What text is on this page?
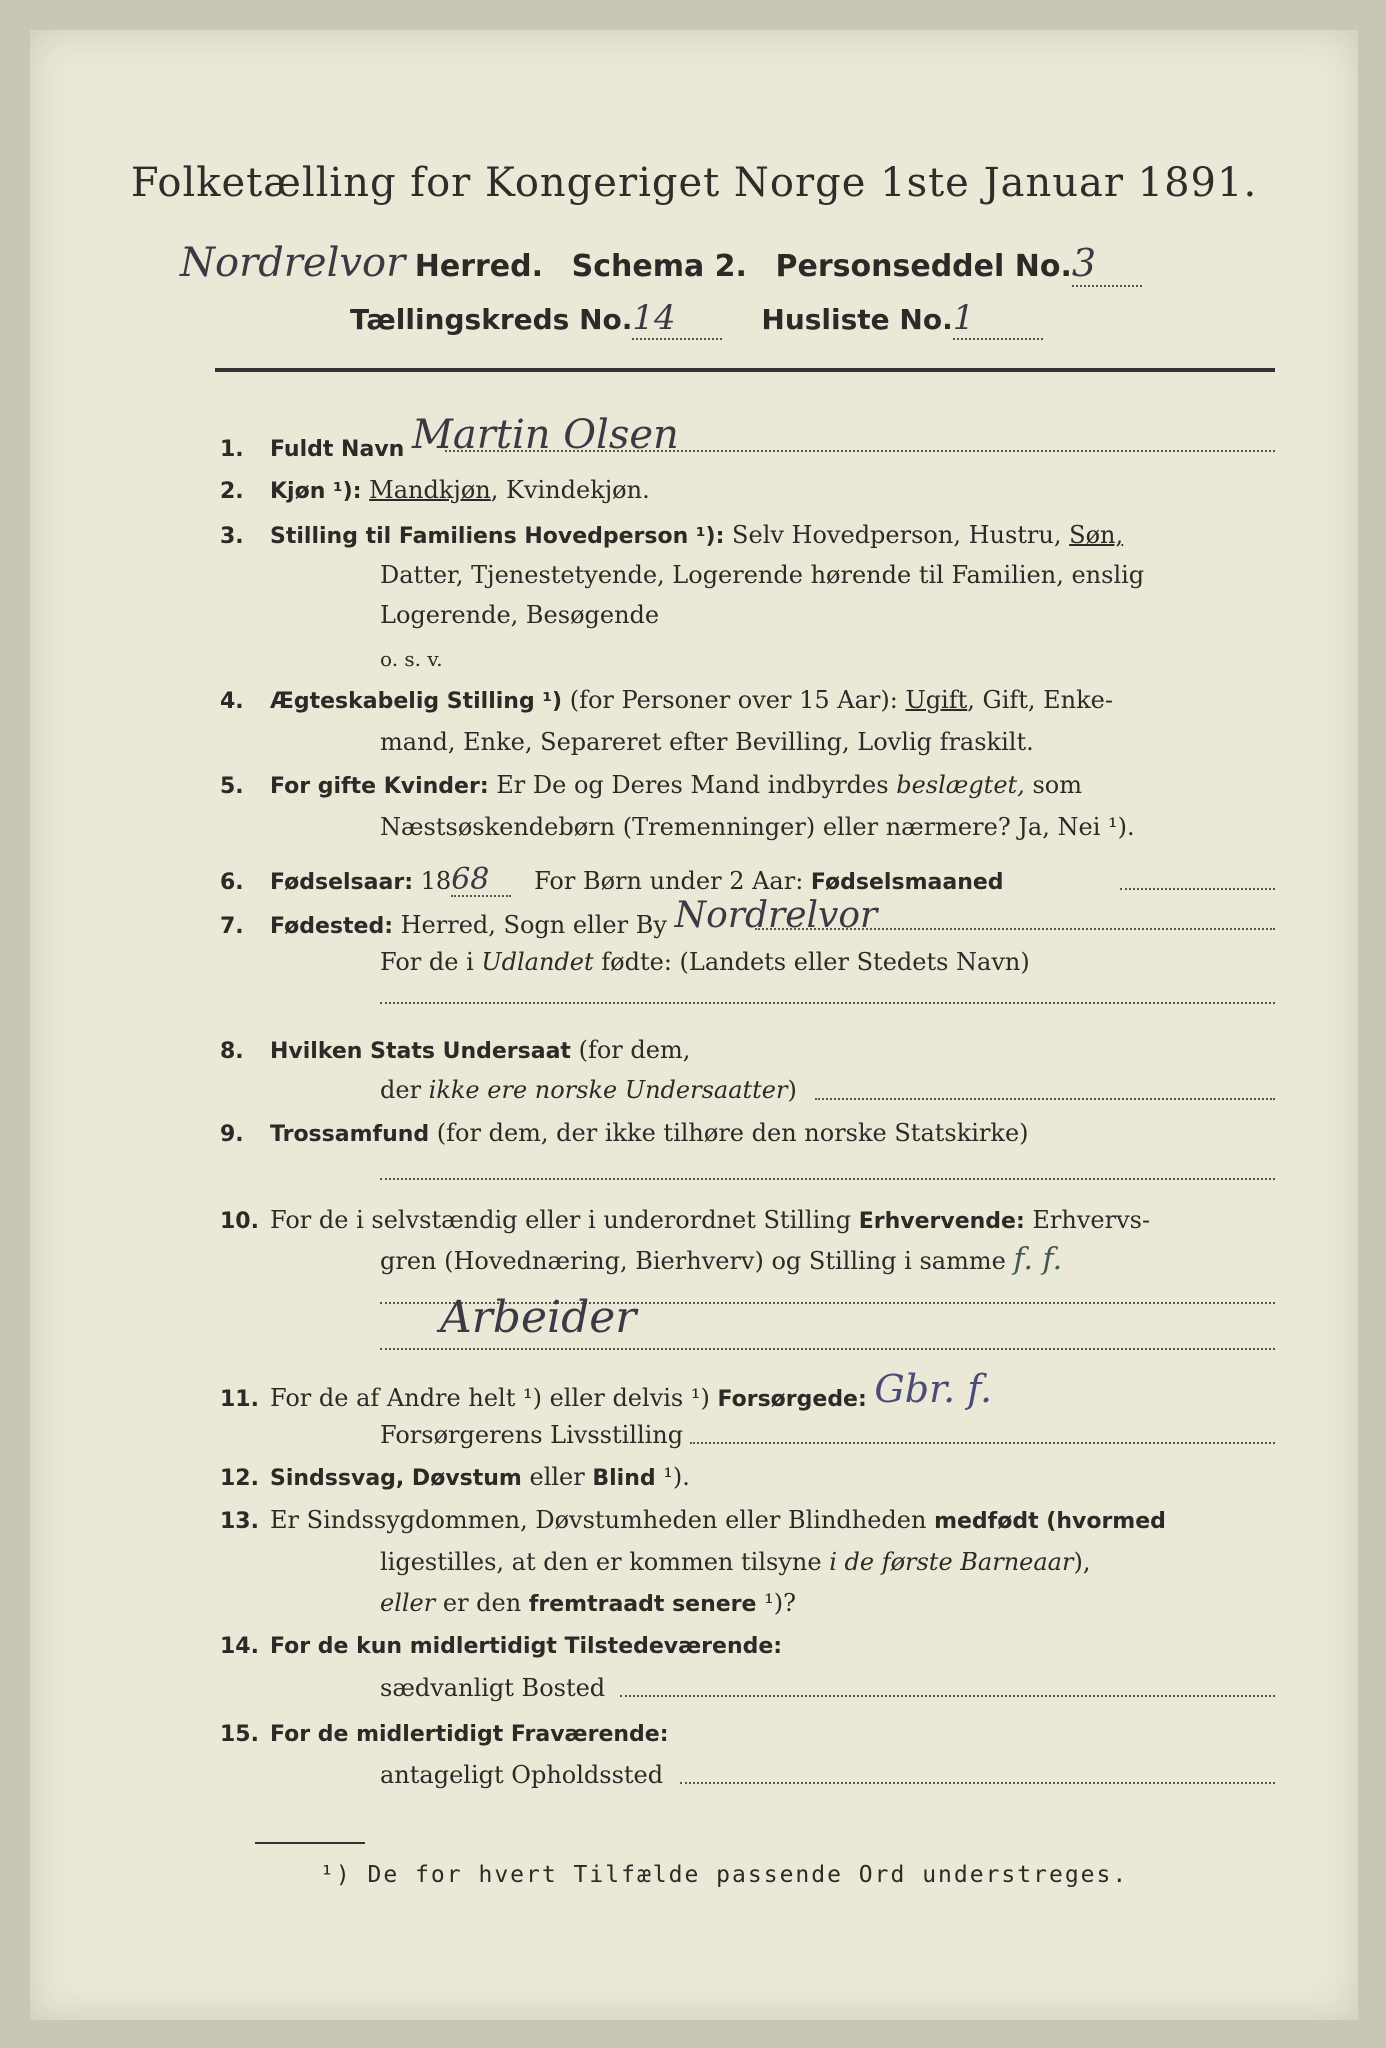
Folketælling for Kongeriget Norge 1ste Januar 1891.
Nordrelvor Herred. Schema 2. Personseddel No.3
Tællingskreds No.14	Husliste No.1
1. Fuldt Navn Martin Olsen
2. Kjøn ¹): Mandkjøn, Kvindekjøn.
3. Stilling til Familiens Hovedperson ¹): Selv Hovedperson, Hustru, Søn,
Datter, Tjenestetyende, Logerende hørende til Familien, enslig
Logerende, Besøgende
o. s. v.
4. Ægteskabelig Stilling ¹) (for Personer over 15 Aar): Ugift, Gift, Enke-
mand, Enke, Separeret efter Bevilling, Lovlig fraskilt.
5. For gifte Kvinder: Er De og Deres Mand indbyrdes beslægtet, som
Næstsøskendebørn (Tremenninger) eller nærmere? Ja, Nei ¹).
6. Fødselsaar: 1868 For Børn under 2 Aar: Fødselsmaaned
7. Fødested: Herred, Sogn eller By Nordrelvor
For de i Udlandet fødte: (Landets eller Stedets Navn)
8. Hvilken Stats Undersaat (for dem,
der ikke ere norske Undersaatter)
9. Trossamfund (for dem, der ikke tilhøre den norske Statskirke)
10. For de i selvstændig eller i underordnet Stilling Erhvervende: Erhvervs-
gren (Hovednæring, Bierhverv) og Stilling i samme f. f.
Arbeider
11. For de af Andre helt ¹) eller delvis ¹) Forsørgede: Gbr. f.
Forsørgerens Livsstilling
12. Sindssvag, Døvstum eller Blind ¹).
13. Er Sindssygdommen, Døvstumheden eller Blindheden medfødt (hvormed
ligestilles, at den er kommen tilsyne i de første Barneaar),
eller er den fremtraadt senere ¹)?
14. For de kun midlertidigt Tilstedeværende:
sædvanligt Bosted
15. For de midlertidigt Fraværende:
antageligt Opholdssted
¹) De for hvert Tilfælde passende Ord understreges.
